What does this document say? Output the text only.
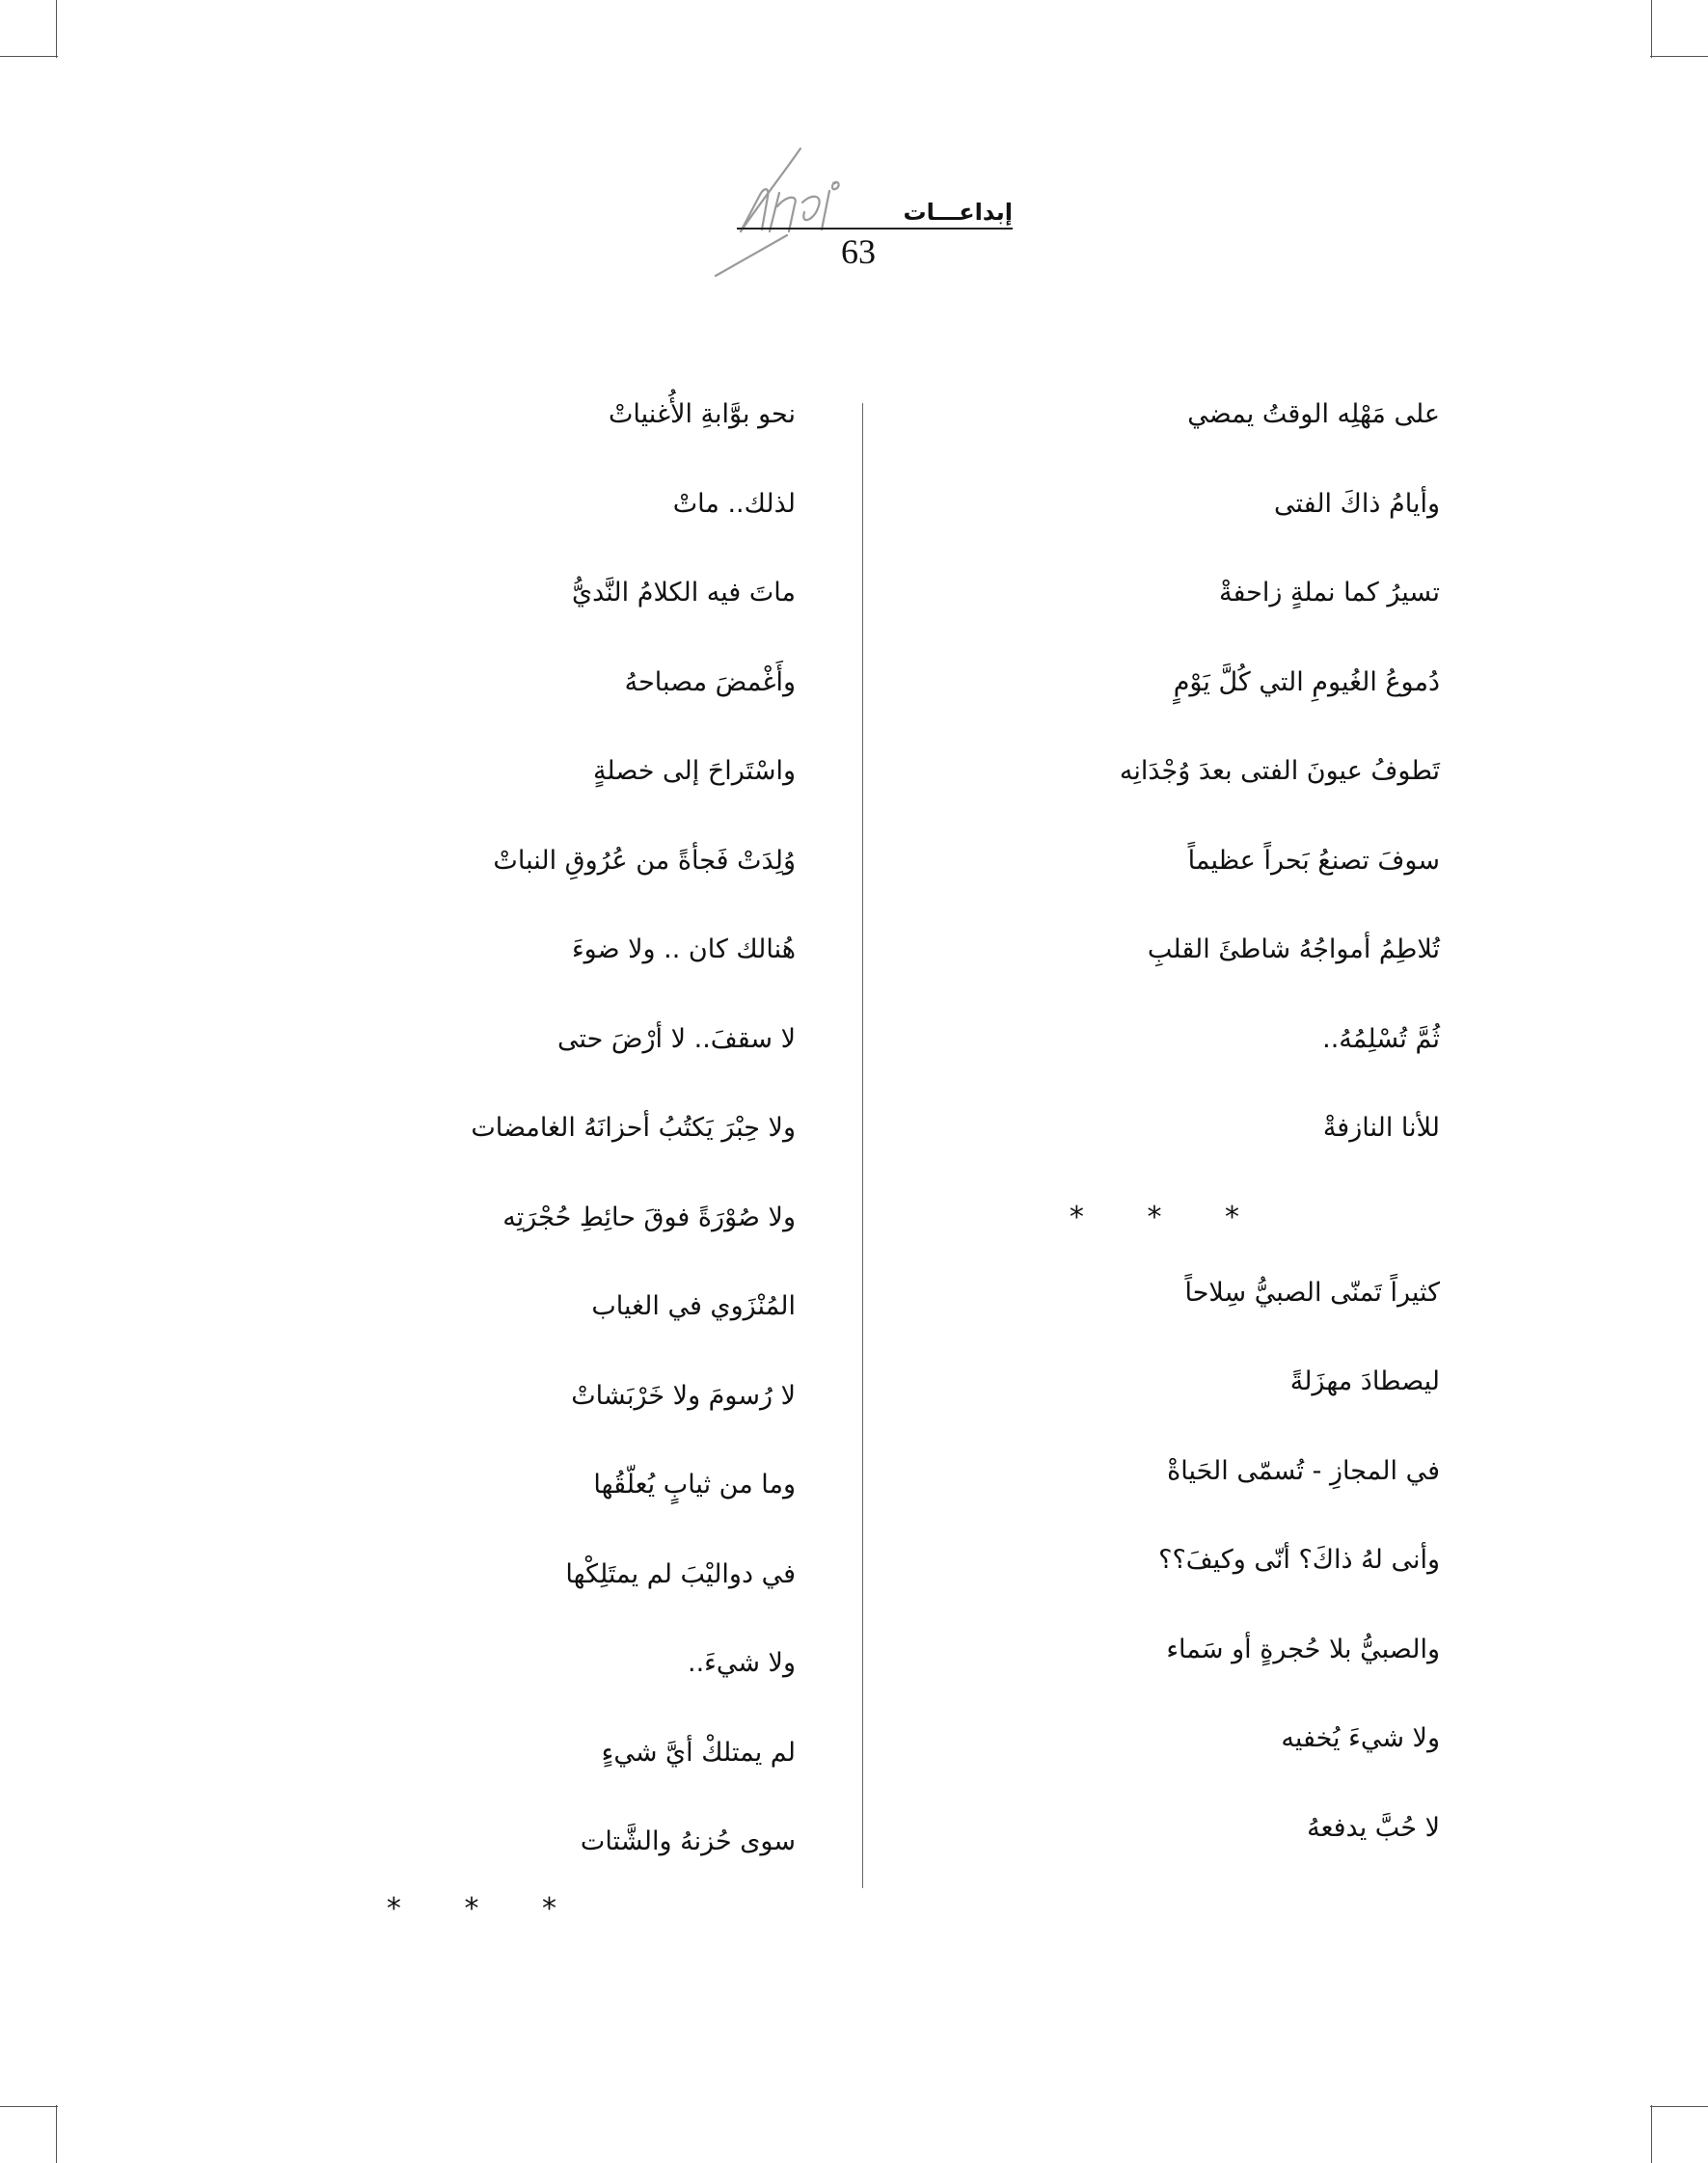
إبداعـــات
63
على مَهْلِه الوقتُ يمضي
وأيامُ ذاكَ الفتى
تسيرُ كما نملةٍ زاحفةْ
دُموعُ الغُيومِ التي كُلَّ يَوْمٍ
تَطوفُ عيونَ الفتى بعدَ وُجْدَانِه
سوفَ تصنعُ بَحراً عظيماً
تُلاطِمُ أمواجُهُ شاطئَ القلبِ
ثُمَّ تُسْلِمُهُ..
للأنا النازفةْ
* * *
كثيراً تَمنّى الصبيُّ سِلاحاً
ليصطادَ مهزَلةً
في المجازِ - تُسمّى الحَياةْ
وأنى لهُ ذاكَ؟ أنّى وكيفَ؟؟
والصبيُّ بلا حُجرةٍ أو سَماء
ولا شيءَ يُخفيه
لا حُبَّ يدفعهُ
نحو بوَّابةِ الأُغنياتْ
لذلك.. ماتْ
ماتَ فيه الكلامُ النَّديُّ
وأَغْمضَ مصباحهُ
واسْتَراحَ إلى خصلةٍ
وُلِدَتْ فَجأةً من عُرُوقِ النباتْ
هُنالك كان .. ولا ضوءَ
لا سقفَ.. لا أرْضَ حتى
ولا حِبْرَ يَكتُبُ أحزانَهُ الغامضات
ولا صُوْرَةً فوقَ حائِطِ حُجْرَتِه
المُنْزَوي في الغياب
لا رُسومَ ولا خَرْبَشاتْ
وما من ثيابٍ يُعلّقُها
في دواليْبَ لم يمتَلِكْها
ولا شيءَ..
لم يمتلكْ أيَّ شيءٍ
سوى حُزنهُ والشَّتات
* * *
